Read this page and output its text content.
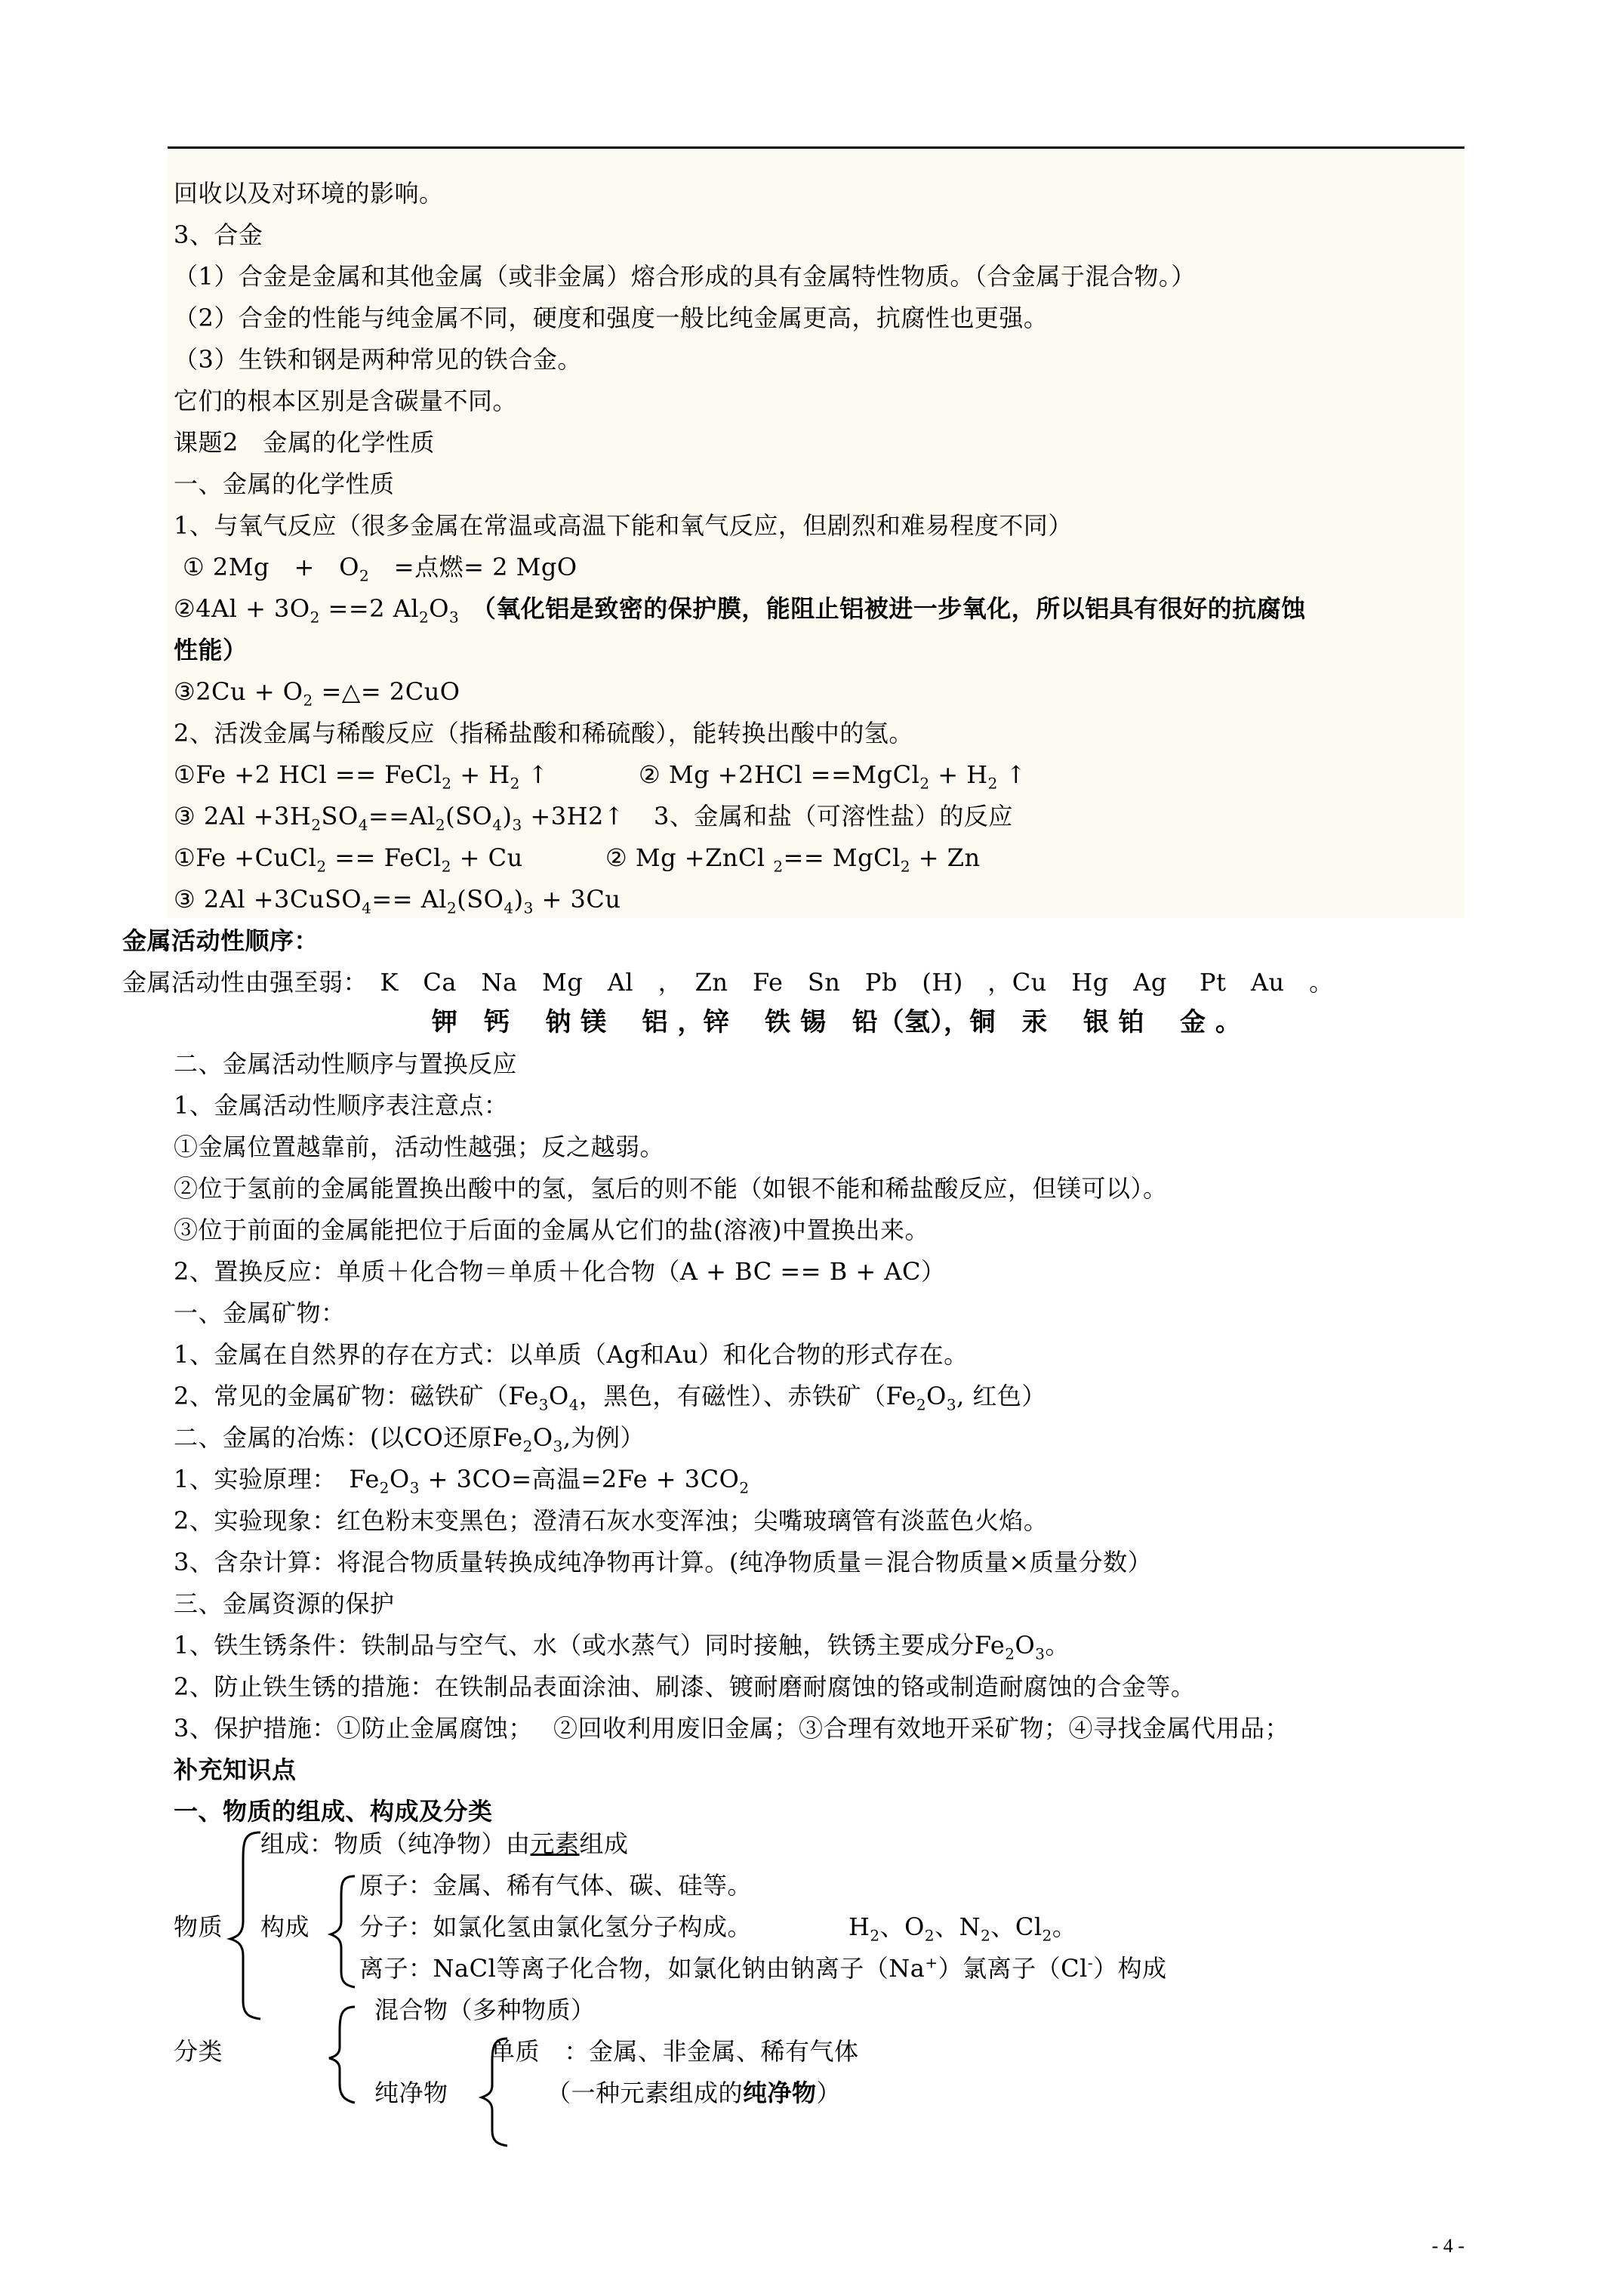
回收以及对环境的影响。
3、合金
（1）合金是金属和其他金属（或非金属）熔合形成的具有金属特性物质。（合金属于混合物。）
（2）合金的性能与纯金属不同，硬度和强度一般比纯金属更高，抗腐性也更强。
（3）生铁和钢是两种常见的铁合金。
它们的根本区别是含碳量不同。
课题2　金属的化学性质
一、金属的化学性质
1、与氧气反应（很多金属在常温或高温下能和氧气反应，但剧烈和难易程度不同）
① 2Mg　+　$O_2$　=点燃= 2 MgO
②4Al + $3O_2 ==2$ $Al_2O_3$　 （氧化铝是致密的保护膜，能阻止铝被进一步氧化，所以铝具有很好的抗腐蚀
性能）
③2Cu + $O_2$ =△= 2CuO
2、活泼金属与稀酸反应（指稀盐酸和稀硫酸），能转换出酸中的氢。
①Fe +2 HCl == FeCl$_2$ + $H_2$ ↑	② Mg +2HCl ==MgCl$_2$ + $H_2$ ↑
③ $2Al +3H_2SO_4==Al_2(SO_4)_3$ +3H2↑ 3、金属和盐（可溶性盐）的反应
①Fe +CuCl$_2$ == FeCl$_2$ + Cu	② Mg +ZnCl $_2$== MgCl$_2$ + Zn
③ 2Al +3CuSO$_4$== $Al_2(SO_4)_3 + 3Cu$
金属活动性顺序：
金属活动性由强至弱：　K　Ca　Na　Mg　Al　，　Zn　Fe　Sn　Pb　(H)　，Cu　Hg　Ag　 Pt　Au　。
钾　钙　 钠 镁　 铝 ，锌　 铁 锡　铅（氢），铜　汞　 银 铂　 金 。
二、金属活动性顺序与置换反应
1、金属活动性顺序表注意点：
①金属位置越靠前，活动性越强；反之越弱。
②位于氢前的金属能置换出酸中的氢，氢后的则不能（如银不能和稀盐酸反应，但镁可以）。
③位于前面的金属能把位于后面的金属从它们的盐(溶液)中置换出来。
2、置换反应：单质＋化合物＝单质＋化合物（A + BC == B + AC）
一、金属矿物：
1、金属在自然界的存在方式：以单质（Ag和Au）和化合物的形式存在。
2、常见的金属矿物：磁铁矿（$Fe_3O_4$，黑色，有磁性）、赤铁矿（$Fe_2O_3$, 红色）
二、金属的冶炼：(以CO还原$Fe_2O_3$,为例）
1、实验原理：　$Fe_2O_3 + 3CO=$高温$=2Fe + 3CO_2$
2、实验现象：红色粉末变黑色；澄清石灰水变浑浊；尖嘴玻璃管有淡蓝色火焰。
3、含杂计算：将混合物质量转换成纯净物再计算。(纯净物质量＝混合物质量×质量分数）
三、金属资源的保护
1、铁生锈条件：铁制品与空气、水（或水蒸气）同时接触，铁锈主要成分$Fe_2O_3$。
2、防止铁生锈的措施：在铁制品表面涂油、刷漆、镀耐磨耐腐蚀的铬或制造耐腐蚀的合金等。
3、保护措施：①防止金属腐蚀；　 ②回收利用废旧金属；③合理有效地开采矿物；④寻找金属代用品；
补充知识点
一、物质的组成、构成及分类
组成：物质（纯净物）由元素组成
原子：金属、稀有气体、碳、硅等。
物质 构成 分子：如氯化氢由氯化氢分子构成。	$H_2$、$O_2$、$N_2$、$Cl_2$。
离子：NaCl等离子化合物，如氯化钠由钠离子（Na+）氯离子（Cl-）构成
混合物（多种物质）
分类	单质　：金属、非金属、稀有气体
纯净物	（一种元素组成的纯净物）
- 4 -
